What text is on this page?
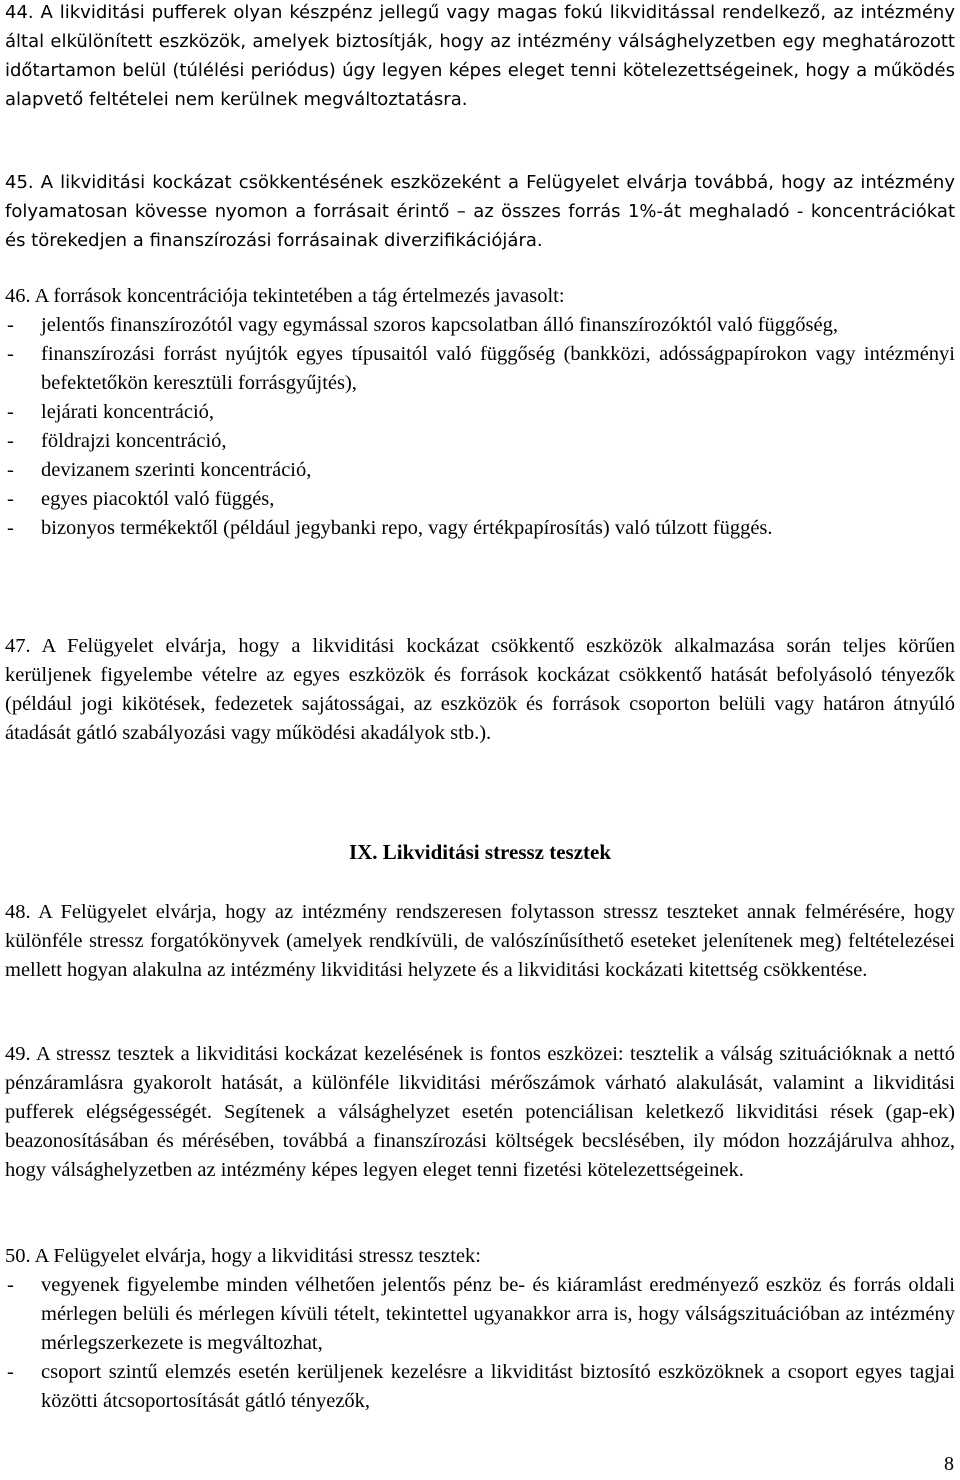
44. A likviditási pufferek olyan készpénz jellegű vagy magas fokú likviditással rendelkező, az intézmény által elkülönített eszközök, amelyek biztosítják, hogy az intézmény válsághelyzetben egy meghatározott időtartamon belül (túlélési periódus) úgy legyen képes eleget tenni kötelezettségeinek, hogy a működés alapvető feltételei nem kerülnek megváltoztatásra.

45. A likviditási kockázat csökkentésének eszközeként a Felügyelet elvárja továbbá, hogy az intézmény folyamatosan kövesse nyomon a forrásait érintő – az összes forrás 1%-át meghaladó - koncentrációkat és törekedjen a finanszírozási forrásainak diverzifikációjára.

46. A források koncentrációja tekintetében a tág értelmezés javasolt:

-	jelentős finanszírozótól vagy egymással szoros kapcsolatban álló finanszírozóktól való függőség,
-	finanszírozási forrást nyújtók egyes típusaitól való függőség (bankközi, adósságpapírokon vagy intézményi befektetőkön keresztüli forrásgyűjtés),
-	lejárati koncentráció,
-	földrajzi koncentráció,
-	devizanem szerinti koncentráció,
-	egyes piacoktól való függés,
-	bizonyos termékektől (például jegybanki repo, vagy értékpapírosítás) való túlzott függés.

47. A Felügyelet elvárja, hogy a likviditási kockázat csökkentő eszközök alkalmazása során teljes körűen kerüljenek figyelembe vételre az egyes eszközök és források kockázat csökkentő hatását befolyásoló tényezők (például jogi kikötések, fedezetek sajátosságai, az eszközök és források csoporton belüli vagy határon átnyúló átadását gátló szabályozási vagy működési akadályok stb.).

IX. Likviditási stressz tesztek

48. A Felügyelet elvárja, hogy az intézmény rendszeresen folytasson stressz teszteket annak felmérésére, hogy különféle stressz forgatókönyvek (amelyek rendkívüli, de valószínűsíthető eseteket jelenítenek meg) feltételezései mellett hogyan alakulna az intézmény likviditási helyzete és a likviditási kockázati kitettség csökkentése.

49. A stressz tesztek a likviditási kockázat kezelésének is fontos eszközei: tesztelik a válság szituációknak a nettó pénzáramlásra gyakorolt hatását, a különféle likviditási mérőszámok várható alakulását, valamint a likviditási pufferek elégségességét. Segítenek a válsághelyzet esetén potenciálisan keletkező likviditási rések (gap-ek) beazonosításában és mérésében, továbbá a finanszírozási költségek becslésében, ily módon hozzájárulva ahhoz, hogy válsághelyzetben az intézmény képes legyen eleget tenni fizetési kötelezettségeinek.

50. A Felügyelet elvárja, hogy a likviditási stressz tesztek:

-	vegyenek figyelembe minden vélhetően jelentős pénz be- és kiáramlást eredményező eszköz és forrás oldali mérlegen belüli és mérlegen kívüli tételt, tekintettel ugyanakkor arra is, hogy válságszituációban az intézmény mérlegszerkezete is megváltozhat,
-	csoport szintű elemzés esetén kerüljenek kezelésre a likviditást biztosító eszközöknek a csoport egyes tagjai közötti átcsoportosítását gátló tényezők,
8
